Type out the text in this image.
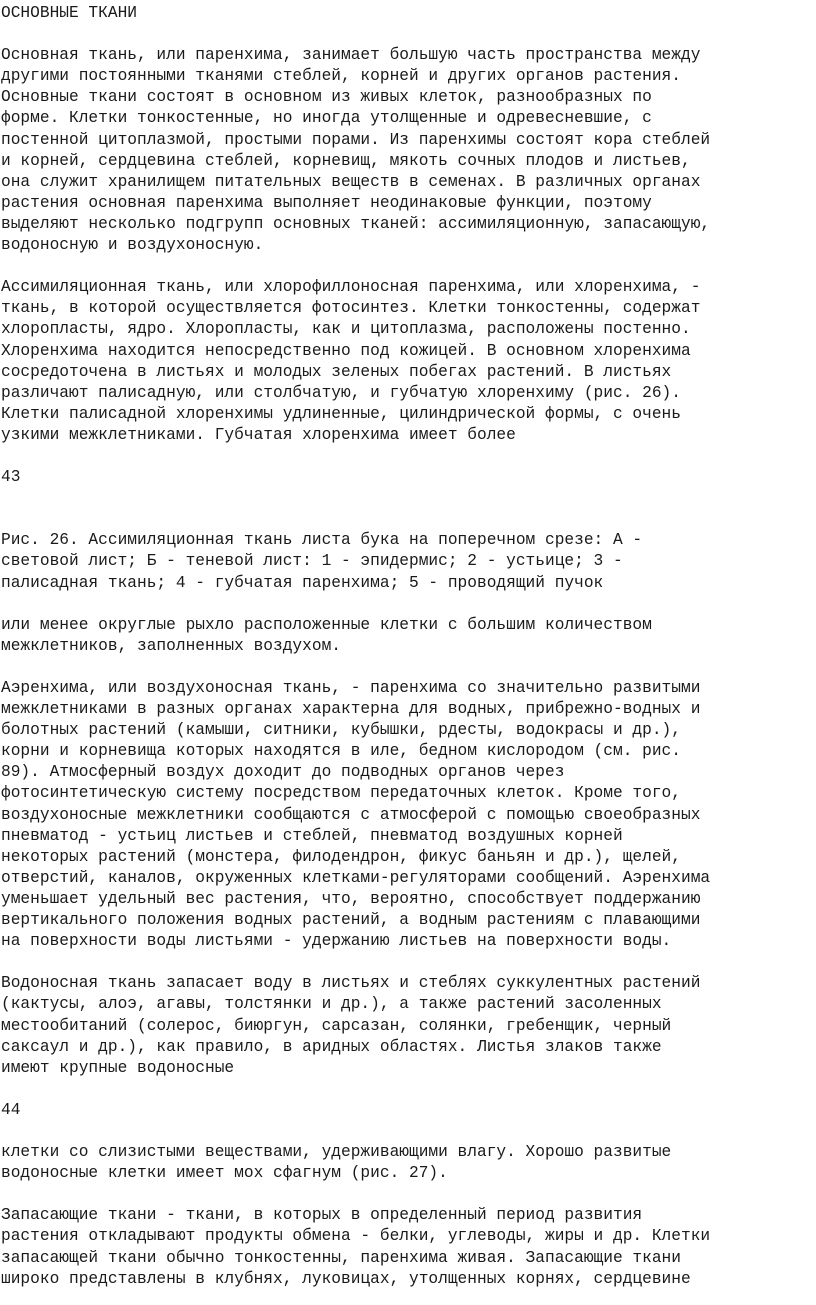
ОСНОВНЫЕ ТКАНИ
Основная ткань, или паренхима, занимает большую часть пространства между
другими постоянными тканями стеблей, корней и других органов растения.
Основные ткани состоят в основном из живых клеток, разнообразных по
форме. Клетки тонкостенные, но иногда утолщенные и одревесневшие, с
постенной цитоплазмой, простыми порами. Из паренхимы состоят кора стеблей
и корней, сердцевина стеблей, корневищ, мякоть сочных плодов и листьев,
она служит хранилищем питательных веществ в семенах. В различных органах
растения основная паренхима выполняет неодинаковые функции, поэтому
выделяют несколько подгрупп основных тканей: ассимиляционную, запасающую,
водоносную и воздухоносную.
Ассимиляционная ткань, или хлорофиллоносная паренхима, или хлоренхима, -
ткань, в которой осуществляется фотосинтез. Клетки тонкостенны, содержат
хлоропласты, ядро. Хлоропласты, как и цитоплазма, расположены постенно.
Хлоренхима находится непосредственно под кожицей. В основном хлоренхима
сосредоточена в листьях и молодых зеленых побегах растений. В листьях
различают палисадную, или столбчатую, и губчатую хлоренхиму (рис. 26).
Клетки палисадной хлоренхимы удлиненные, цилиндрической формы, с очень
узкими межклетниками. Губчатая хлоренхима имеет более
43
Рис. 26. Ассимиляционная ткань листа бука на поперечном срезе: А -
световой лист; Б - теневой лист: 1 - эпидермис; 2 - устьице; 3 -
палисадная ткань; 4 - губчатая паренхима; 5 - проводящий пучок
или менее округлые рыхло расположенные клетки с большим количеством
межклетников, заполненных воздухом.
Аэренхима, или воздухоносная ткань, - паренхима со значительно развитыми
межклетниками в разных органах характерна для водных, прибрежно-водных и
болотных растений (камыши, ситники, кубышки, рдесты, водокрасы и др.),
корни и корневища которых находятся в иле, бедном кислородом (см. рис.
89). Атмосферный воздух доходит до подводных органов через
фотосинтетическую систему посредством передаточных клеток. Кроме того,
воздухоносные межклетники сообщаются с атмосферой с помощью своеобразных
пневматод - устьиц листьев и стеблей, пневматод воздушных корней
некоторых растений (монстера, филодендрон, фикус баньян и др.), щелей,
отверстий, каналов, окруженных клетками-регуляторами сообщений. Аэренхима
уменьшает удельный вес растения, что, вероятно, способствует поддержанию
вертикального положения водных растений, а водным растениям с плавающими
на поверхности воды листьями - удержанию листьев на поверхности воды.
Водоносная ткань запасает воду в листьях и стеблях суккулентных растений
(кактусы, алоэ, агавы, толстянки и др.), а также растений засоленных
местообитаний (солерос, биюргун, сарсазан, солянки, гребенщик, черный
саксаул и др.), как правило, в аридных областях. Листья злаков также
имеют крупные водоносные
44
клетки со слизистыми веществами, удерживающими влагу. Хорошо развитые
водоносные клетки имеет мох сфагнум (рис. 27).
Запасающие ткани - ткани, в которых в определенный период развития
растения откладывают продукты обмена - белки, углеводы, жиры и др. Клетки
запасающей ткани обычно тонкостенны, паренхима живая. Запасающие ткани
широко представлены в клубнях, луковицах, утолщенных корнях, сердцевине
